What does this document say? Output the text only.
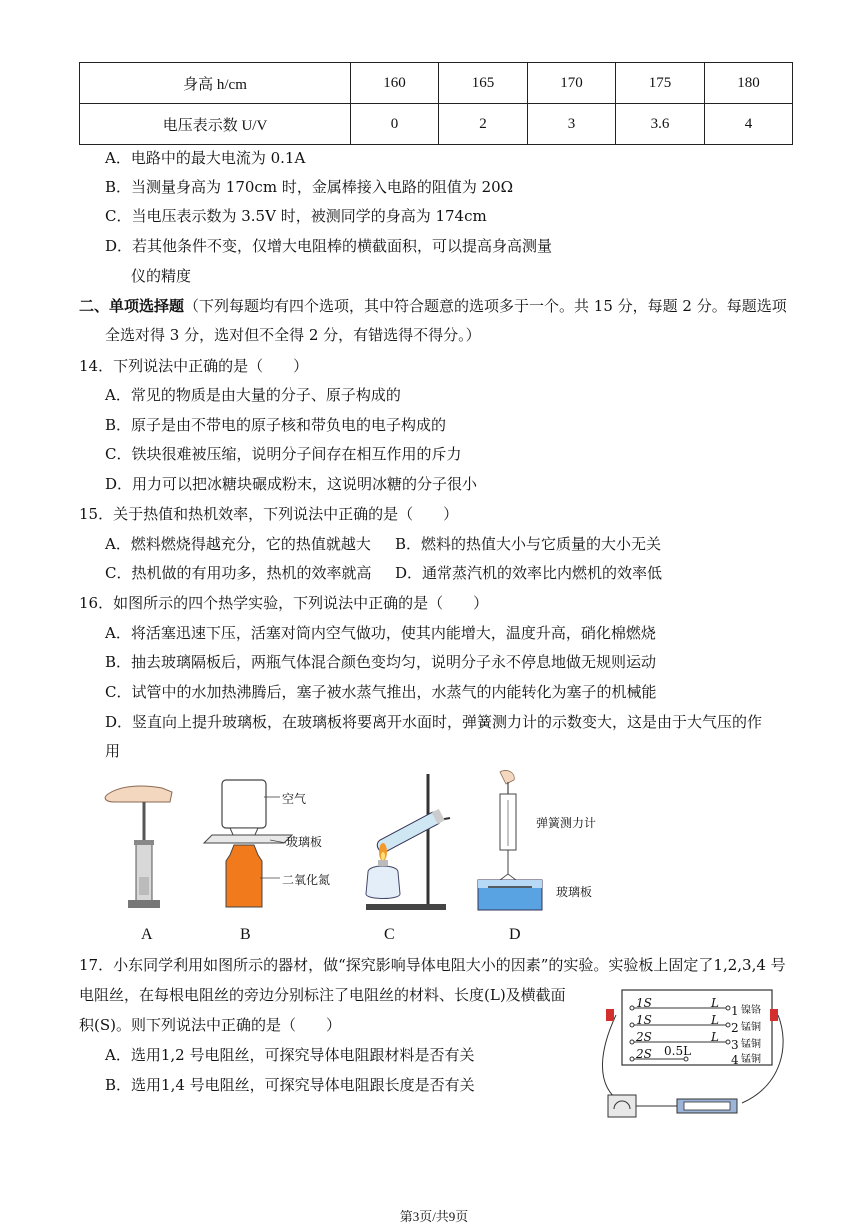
身高 h/cm	160	165	170	175	180
电压表示数 U/V	0	2	3	3.6	4
A．电路中的最大电流为 0.1A
B．当测量身高为 170cm 时，金属棒接入电路的阻值为 20Ω
C．当电压表示数为 3.5V 时，被测同学的身高为 174cm
D．若其他条件不变，仅增大电阻棒的横截面积，可以提高身高测量
仪的精度
二、单项选择题（下列每题均有四个选项，其中符合题意的选项多于一个。共 15 分，每题 2 分。每题选项
全选对得 3 分，选对但不全得 2 分，有错选得不得分。）
14．下列说法中正确的是（　　）
A．常见的物质是由大量的分子、原子构成的
B．原子是由不带电的原子核和带负电的电子构成的
C．铁块很难被压缩，说明分子间存在相互作用的斥力
D．用力可以把冰糖块碾成粉末，这说明冰糖的分子很小
15．关于热值和热机效率，下列说法中正确的是（　　）
A．燃料燃烧得越充分，它的热值就越大 B．燃料的热值大小与它质量的大小无关
C．热机做的有用功多，热机的效率就高 D．通常蒸汽机的效率比内燃机的效率低
16．如图所示的四个热学实验，下列说法中正确的是（　　）
A．将活塞迅速下压，活塞对筒内空气做功，使其内能增大，温度升高，硝化棉燃烧
B．抽去玻璃隔板后，两瓶气体混合颜色变均匀，说明分子永不停息地做无规则运动
C．试管中的水加热沸腾后，塞子被水蒸气推出，水蒸气的内能转化为塞子的机械能
D．竖直向上提升玻璃板，在玻璃板将要离开水面时，弹簧测力计的示数变大，这是由于大气压的作
用
空气
玻璃板
二氧化氮
弹簧测力计
玻璃板
A	B	C	D
17．小东同学利用如图所示的器材，做“探究影响导体电阻大小的因素”的实验。实验板上固定了1,2,3,4 号
电阻丝，在每根电阻丝的旁边分别标注了电阻丝的材料、长度(L)及横截面
积(S)。则下列说法中正确的是（　　）
A．选用1,2 号电阻丝，可探究导体电阻跟材料是否有关
B．选用1,4 号电阻丝，可探究导体电阻跟长度是否有关
1S	L
1 镍铬
1S	L
2 锰铜
2S	L
3 锰铜
2S 0.5L
4 锰铜
第3页/共9页
